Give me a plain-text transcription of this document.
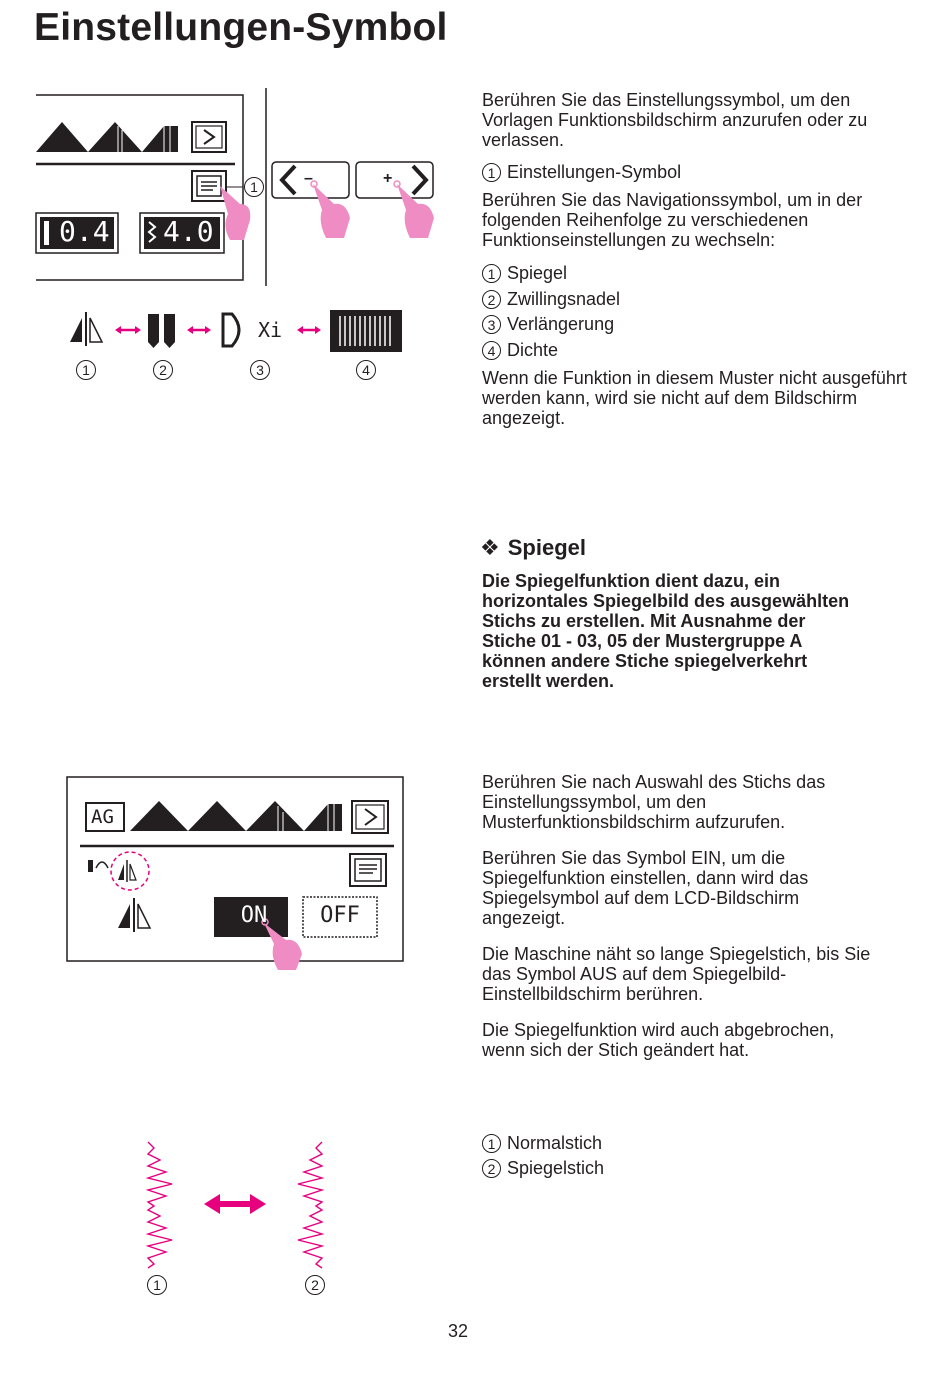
Einstellungen-Symbol
0.4 4.0
–	+
1
Xi
1	2	3	4
Berühren Sie das Einstellungssymbol, um den Vorlagen Funktionsbildschirm anzurufen oder zu verlassen.
1 Einstellungen-Symbol
Berühren Sie das Navigationssymbol, um in der folgenden Reihenfolge zu verschiedenen Funktionseinstellungen zu wechseln:
1 Spiegel
2 Zwillingsnadel
3 Verlängerung
4 Dichte
Wenn die Funktion in diesem Muster nicht ausgeführt werden kann, wird sie nicht auf dem Bildschirm angezeigt.
❖ Spiegel
Die Spiegelfunktion dient dazu, ein horizontales Spiegelbild des ausgewählten Stichs zu erstellen. Mit Ausnahme der Stiche 01 - 03, 05 der Mustergruppe A können andere Stiche spiegelverkehrt erstellt werden.
AG
ON	OFF
Berühren Sie nach Auswahl des Stichs das Einstellungssymbol, um den Musterfunktionsbildschirm aufzurufen.
Berühren Sie das Symbol EIN, um die Spiegelfunktion einstellen, dann wird das Spiegelsymbol auf dem LCD-Bildschirm angezeigt.
Die Maschine näht so lange Spiegelstich, bis Sie das Symbol AUS auf dem Spiegelbild-Einstellbildschirm berühren.
Die Spiegelfunktion wird auch abgebrochen, wenn sich der Stich geändert hat.
1	2
1 Normalstich
2 Spiegelstich
32
